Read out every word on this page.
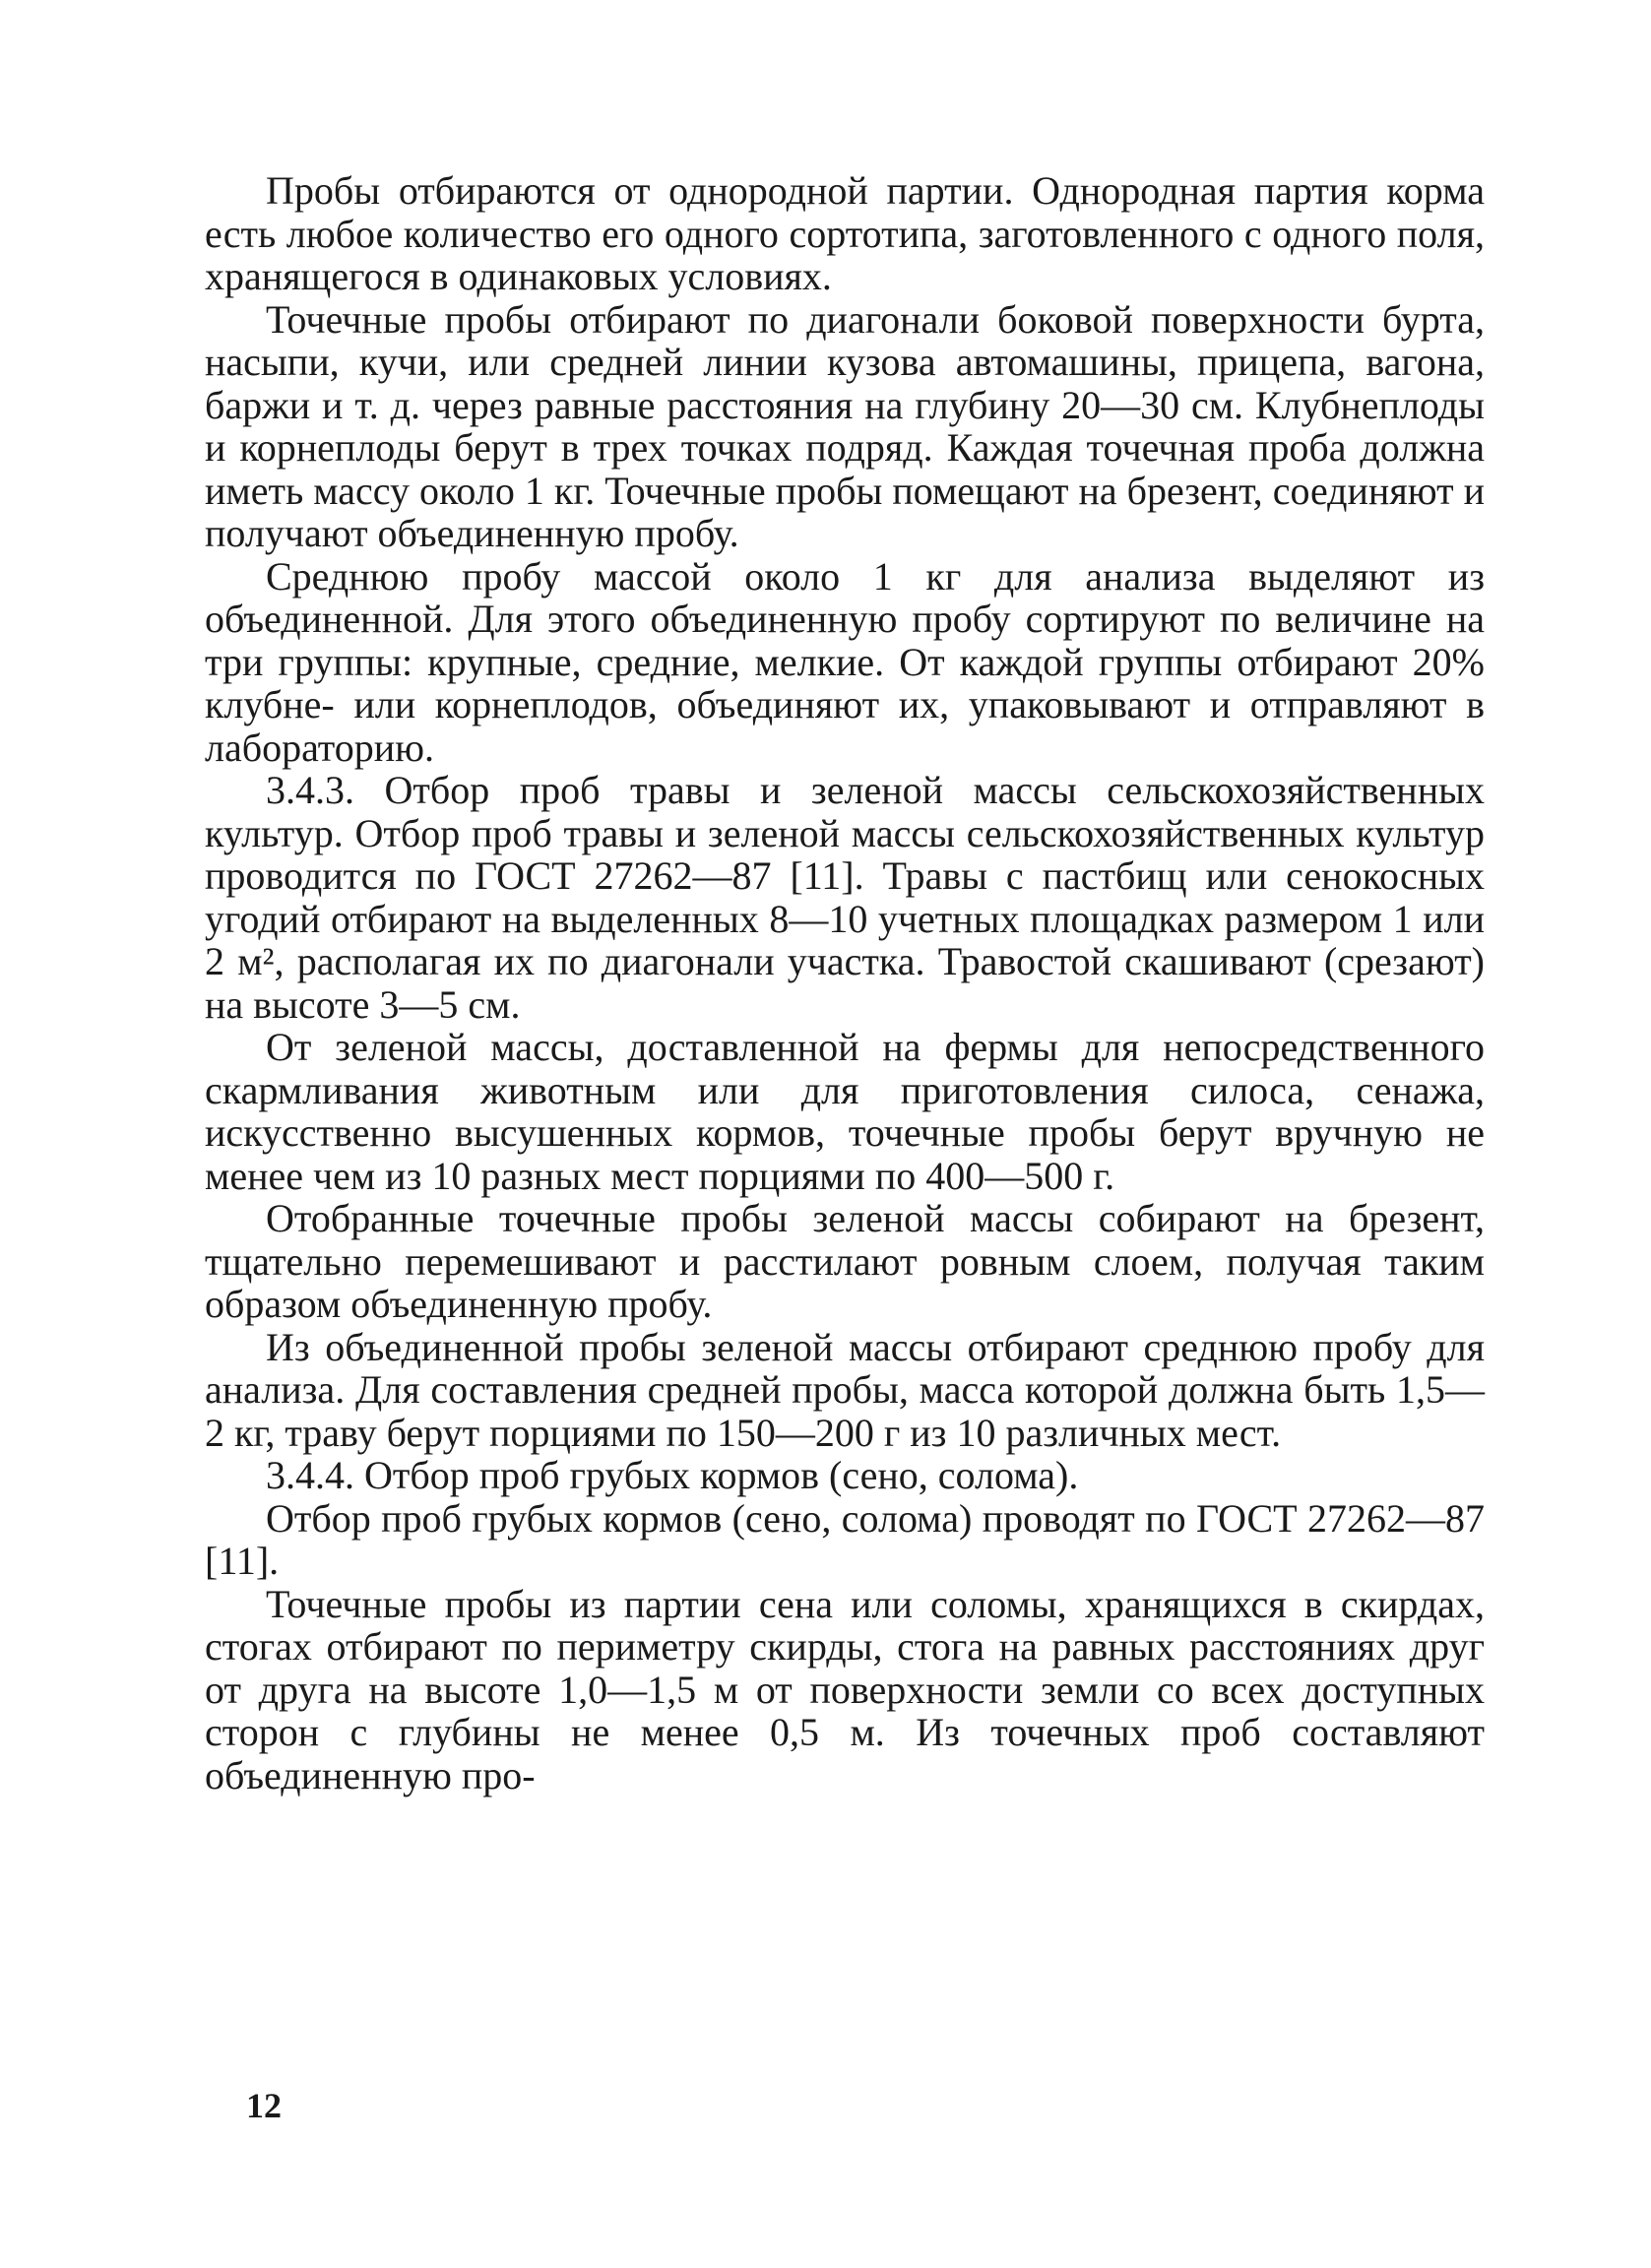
Пробы отбираются от однородной партии. Однородная партия корма есть любое количество его одного сортотипа, заготовленного с одного поля, хранящегося в одинаковых условиях.

Точечные пробы отбирают по диагонали боковой поверхности бурта, насыпи, кучи, или средней линии кузова автомашины, прицепа, вагона, баржи и т. д. через равные расстояния на глубину 20—30 см. Клубнеплоды и корнеплоды берут в трех точках подряд. Каждая точечная проба должна иметь массу около 1 кг. Точечные пробы помещают на брезент, соединяют и получают объединенную пробу.

Среднюю пробу массой около 1 кг для анализа выделяют из объединенной. Для этого объединенную пробу сортируют по величине на три группы: крупные, средние, мелкие. От каждой группы отбирают 20% клубне- или корнеплодов, объединяют их, упаковывают и отправляют в лабораторию.

3.4.3. Отбор проб травы и зеленой массы сельскохозяйственных культур. Отбор проб травы и зеленой массы сельскохозяйственных культур проводится по ГОСТ 27262—87 [11]. Травы с пастбищ или сенокосных угодий отбирают на выделенных 8—10 учетных площадках размером 1 или 2 м², располагая их по диагонали участка. Травостой скашивают (срезают) на высоте 3—5 см.

От зеленой массы, доставленной на фермы для непосредственного скармливания животным или для приготовления силоса, сенажа, искусственно высушенных кормов, точечные пробы берут вручную не менее чем из 10 разных мест порциями по 400—500 г.

Отобранные точечные пробы зеленой массы собирают на брезент, тщательно перемешивают и расстилают ровным слоем, получая таким образом объединенную пробу.

Из объединенной пробы зеленой массы отбирают среднюю пробу для анализа. Для составления средней пробы, масса которой должна быть 1,5—2 кг, траву берут порциями по 150—200 г из 10 различных мест.

3.4.4. Отбор проб грубых кормов (сено, солома).

Отбор проб грубых кормов (сено, солома) проводят по ГОСТ 27262—87 [11].

Точечные пробы из партии сена или соломы, хранящихся в скирдах, стогах отбирают по периметру скирды, стога на равных расстояниях друг от друга на высоте 1,0—1,5 м от поверхности земли со всех доступных сторон с глубины не менее 0,5 м. Из точечных проб составляют объединенную про-

12
